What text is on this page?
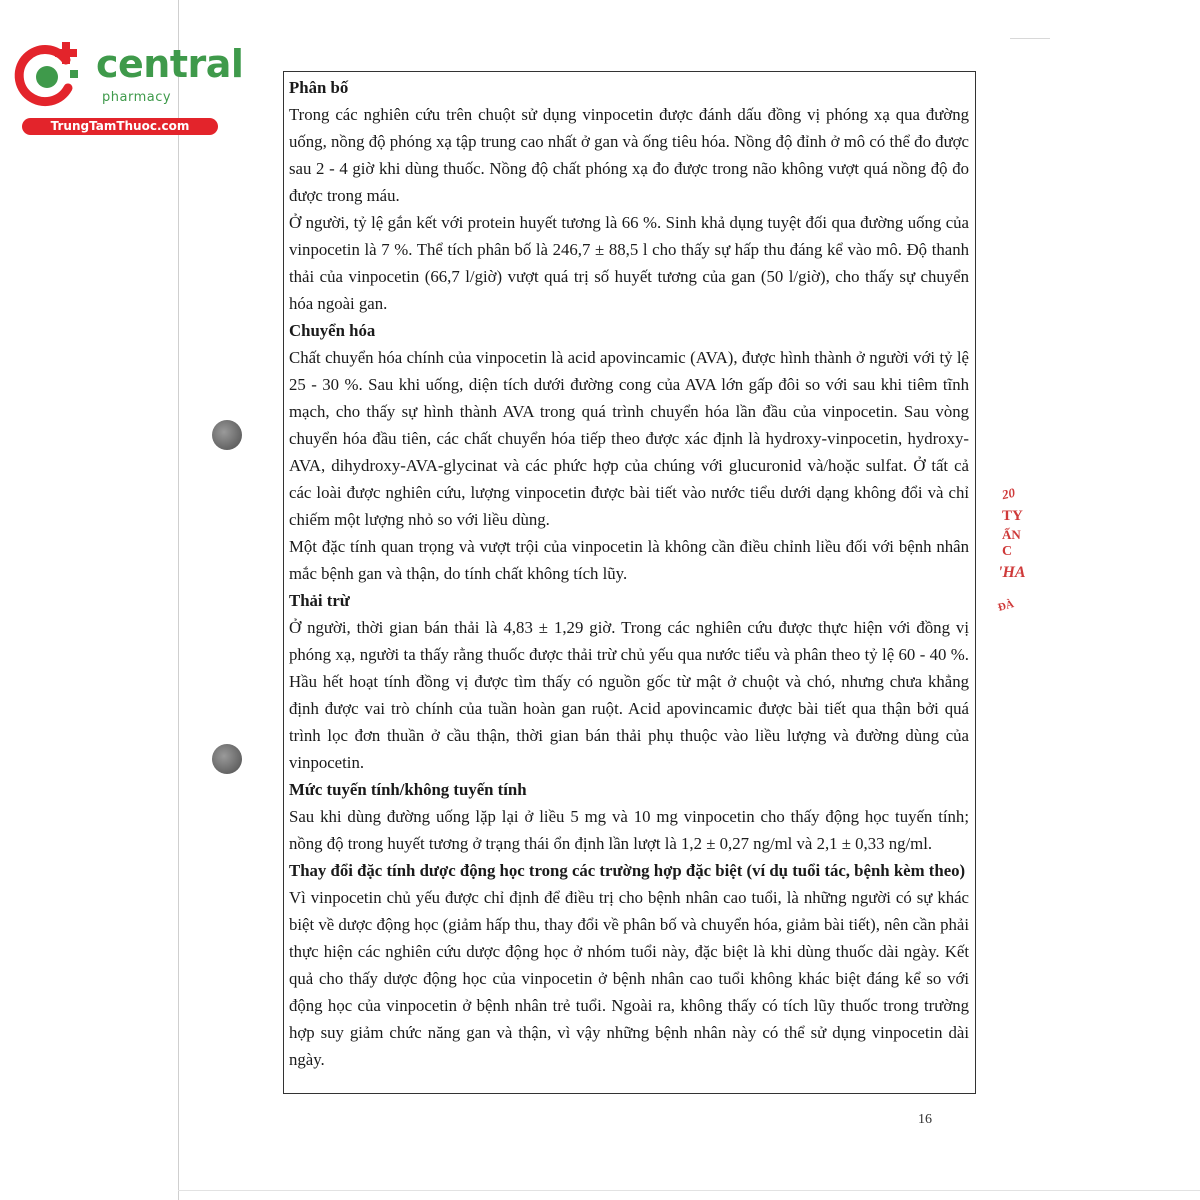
central
pharmacy
TrungTamThuoc.com

Phân bố

Trong các nghiên cứu trên chuột sử dụng vinpocetin được đánh dấu đồng vị phóng xạ qua đường uống, nồng độ phóng xạ tập trung cao nhất ở gan và ống tiêu hóa. Nồng độ đỉnh ở mô có thể đo được sau 2 - 4 giờ khi dùng thuốc. Nồng độ chất phóng xạ đo được trong não không vượt quá nồng độ đo được trong máu.

Ở người, tỷ lệ gắn kết với protein huyết tương là 66 %. Sinh khả dụng tuyệt đối qua đường uống của vinpocetin là 7 %. Thể tích phân bố là 246,7 ± 88,5 l cho thấy sự hấp thu đáng kể vào mô. Độ thanh thải của vinpocetin (66,7 l/giờ) vượt quá trị số huyết tương của gan (50 l/giờ), cho thấy sự chuyển hóa ngoài gan.

Chuyển hóa

Chất chuyển hóa chính của vinpocetin là acid apovincamic (AVA), được hình thành ở người với tỷ lệ 25 - 30 %. Sau khi uống, diện tích dưới đường cong của AVA lớn gấp đôi so với sau khi tiêm tĩnh mạch, cho thấy sự hình thành AVA trong quá trình chuyển hóa lần đầu của vinpocetin. Sau vòng chuyển hóa đầu tiên, các chất chuyển hóa tiếp theo được xác định là hydroxy-vinpocetin, hydroxy-AVA, dihydroxy-AVA-glycinat và các phức hợp của chúng với glucuronid và/hoặc sulfat. Ở tất cả các loài được nghiên cứu, lượng vinpocetin được bài tiết vào nước tiểu dưới dạng không đổi và chỉ chiếm một lượng nhỏ so với liều dùng.

Một đặc tính quan trọng và vượt trội của vinpocetin là không cần điều chỉnh liều đối với bệnh nhân mắc bệnh gan và thận, do tính chất không tích lũy.

Thải trừ

Ở người, thời gian bán thải là 4,83 ± 1,29 giờ. Trong các nghiên cứu được thực hiện với đồng vị phóng xạ, người ta thấy rằng thuốc được thải trừ chủ yếu qua nước tiểu và phân theo tỷ lệ 60 - 40 %. Hầu hết hoạt tính đồng vị được tìm thấy có nguồn gốc từ mật ở chuột và chó, nhưng chưa khẳng định được vai trò chính của tuần hoàn gan ruột. Acid apovincamic được bài tiết qua thận bởi quá trình lọc đơn thuần ở cầu thận, thời gian bán thải phụ thuộc vào liều lượng và đường dùng của vinpocetin.

Mức tuyến tính/không tuyến tính

Sau khi dùng đường uống lặp lại ở liều 5 mg và 10 mg vinpocetin cho thấy động học tuyến tính; nồng độ trong huyết tương ở trạng thái ổn định lần lượt là 1,2 ± 0,27 ng/ml và 2,1 ± 0,33 ng/ml.

Thay đổi đặc tính dược động học trong các trường hợp đặc biệt (ví dụ tuổi tác, bệnh kèm theo)

Vì vinpocetin chủ yếu được chỉ định để điều trị cho bệnh nhân cao tuổi, là những người có sự khác biệt về dược động học (giảm hấp thu, thay đổi về phân bố và chuyển hóa, giảm bài tiết), nên cần phải thực hiện các nghiên cứu dược động học ở nhóm tuổi này, đặc biệt là khi dùng thuốc dài ngày. Kết quả cho thấy dược động học của vinpocetin ở bệnh nhân cao tuổi không khác biệt đáng kể so với động học của vinpocetin ở bệnh nhân trẻ tuổi. Ngoài ra, không thấy có tích lũy thuốc trong trường hợp suy giảm chức năng gan và thận, vì vậy những bệnh nhân này có thể sử dụng vinpocetin dài ngày.

16
20
TY
ẤN
C
'HA
ĐÀ
